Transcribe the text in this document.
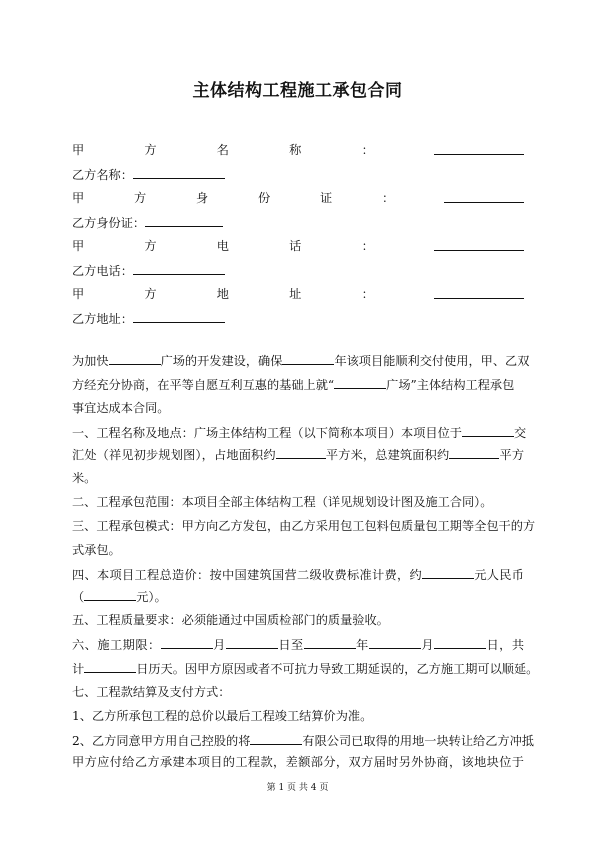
主体结构工程施工承包合同
甲	方	名	称	：
乙方名称：
甲	方	身	份	证	：
乙方身份证：
甲	方	电	话	：
乙方电话：
甲	方	地	址	：
乙方地址：
为加快	广场的开发建设，确保	年该项目能顺利交付使用，甲、乙双
方经充分协商，在平等自愿互利互惠的基础上就“	广场”主体结构工程承包
事宜达成本合同。
一、工程名称及地点：广场主体结构工程（以下简称本项目）本项目位于	交
汇处（祥见初步规划图），占地面积约	平方米，总建筑面积约	平方
米。
二、工程承包范围：本项目全部主体结构工程（详见规划设计图及施工合同）。
三、工程承包模式：甲方向乙方发包，由乙方采用包工包料包质量包工期等全包干的方
式承包。
四、本项目工程总造价：按中国建筑国营二级收费标准计费，约	元人民币
（	元）。
五、工程质量要求：必须能通过中国质检部门的质量验收。
六、施工期限：	月	日至	年	月	日，共
计	日历天。因甲方原因或者不可抗力导致工期延误的，乙方施工期可以顺延。
七、工程款结算及支付方式：
1、乙方所承包工程的总价以最后工程竣工结算价为准。
2、乙方同意甲方用自己控股的将	有限公司已取得的用地一块转让给乙方冲抵
甲方应付给乙方承建本项目的工程款，差额部分，双方届时另外协商，该地块位于
第 1 页 共 4 页
